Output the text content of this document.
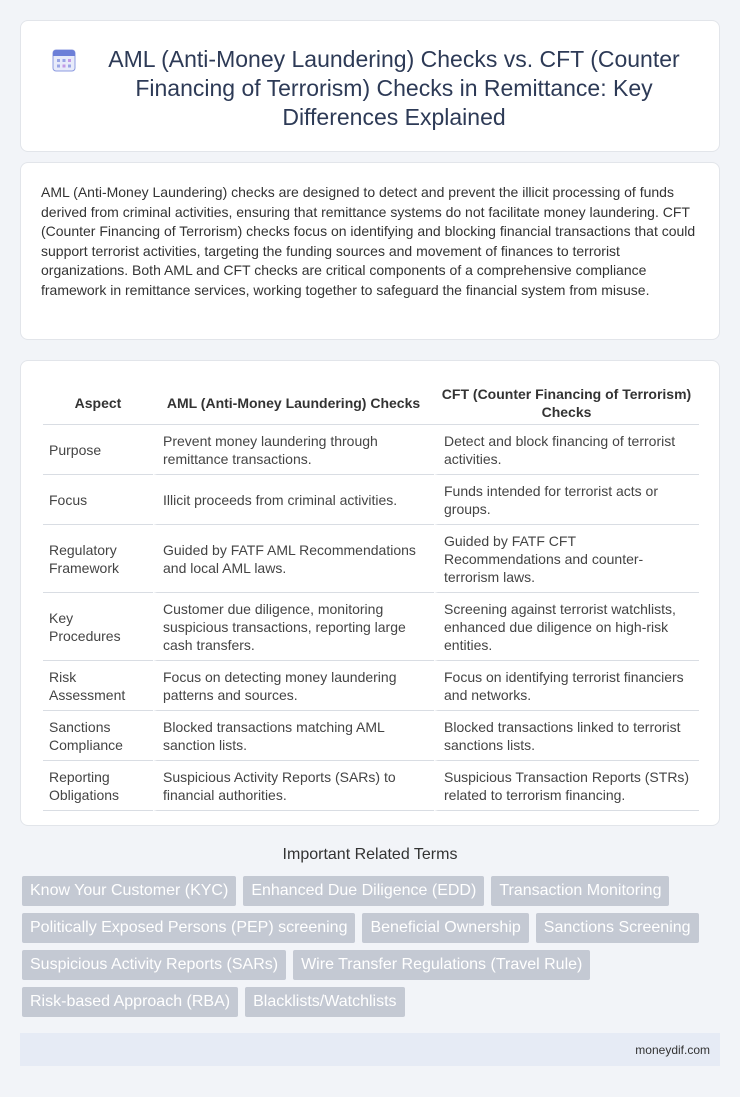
AML (Anti-Money Laundering) Checks vs. CFT (Counter Financing of Terrorism) Checks in Remittance: Key Differences Explained

AML (Anti-Money Laundering) checks are designed to detect and prevent the illicit processing of funds derived from criminal activities, ensuring that remittance systems do not facilitate money laundering. CFT (Counter Financing of Terrorism) checks focus on identifying and blocking financial transactions that could support terrorist activities, targeting the funding sources and movement of finances to terrorist organizations. Both AML and CFT checks are critical components of a comprehensive compliance framework in remittance services, working together to safeguard the financial system from misuse.

Aspect	AML (Anti-Money Laundering) Checks	CFT (Counter Financing of Terrorism) Checks
Purpose	Prevent money laundering through remittance transactions.	Detect and block financing of terrorist activities.
Focus	Illicit proceeds from criminal activities.	Funds intended for terrorist acts or groups.
Regulatory Framework	Guided by FATF AML Recommendations and local AML laws.	Guided by FATF CFT Recommendations and counter-terrorism laws.
Key Procedures	Customer due diligence, monitoring suspicious transactions, reporting large cash transfers.	Screening against terrorist watchlists, enhanced due diligence on high-risk entities.
Risk Assessment	Focus on detecting money laundering patterns and sources.	Focus on identifying terrorist financiers and networks.
Sanctions Compliance	Blocked transactions matching AML sanction lists.	Blocked transactions linked to terrorist sanctions lists.
Reporting Obligations	Suspicious Activity Reports (SARs) to financial authorities.	Suspicious Transaction Reports (STRs) related to terrorism financing.
Important Related Terms
Know Your Customer (KYC)	Enhanced Due Diligence (EDD)	Transaction Monitoring
Politically Exposed Persons (PEP) screening	Beneficial Ownership	Sanctions Screening
Suspicious Activity Reports (SARs)	Wire Transfer Regulations (Travel Rule)
Risk-based Approach (RBA)	Blacklists/Watchlists
moneydif.com
